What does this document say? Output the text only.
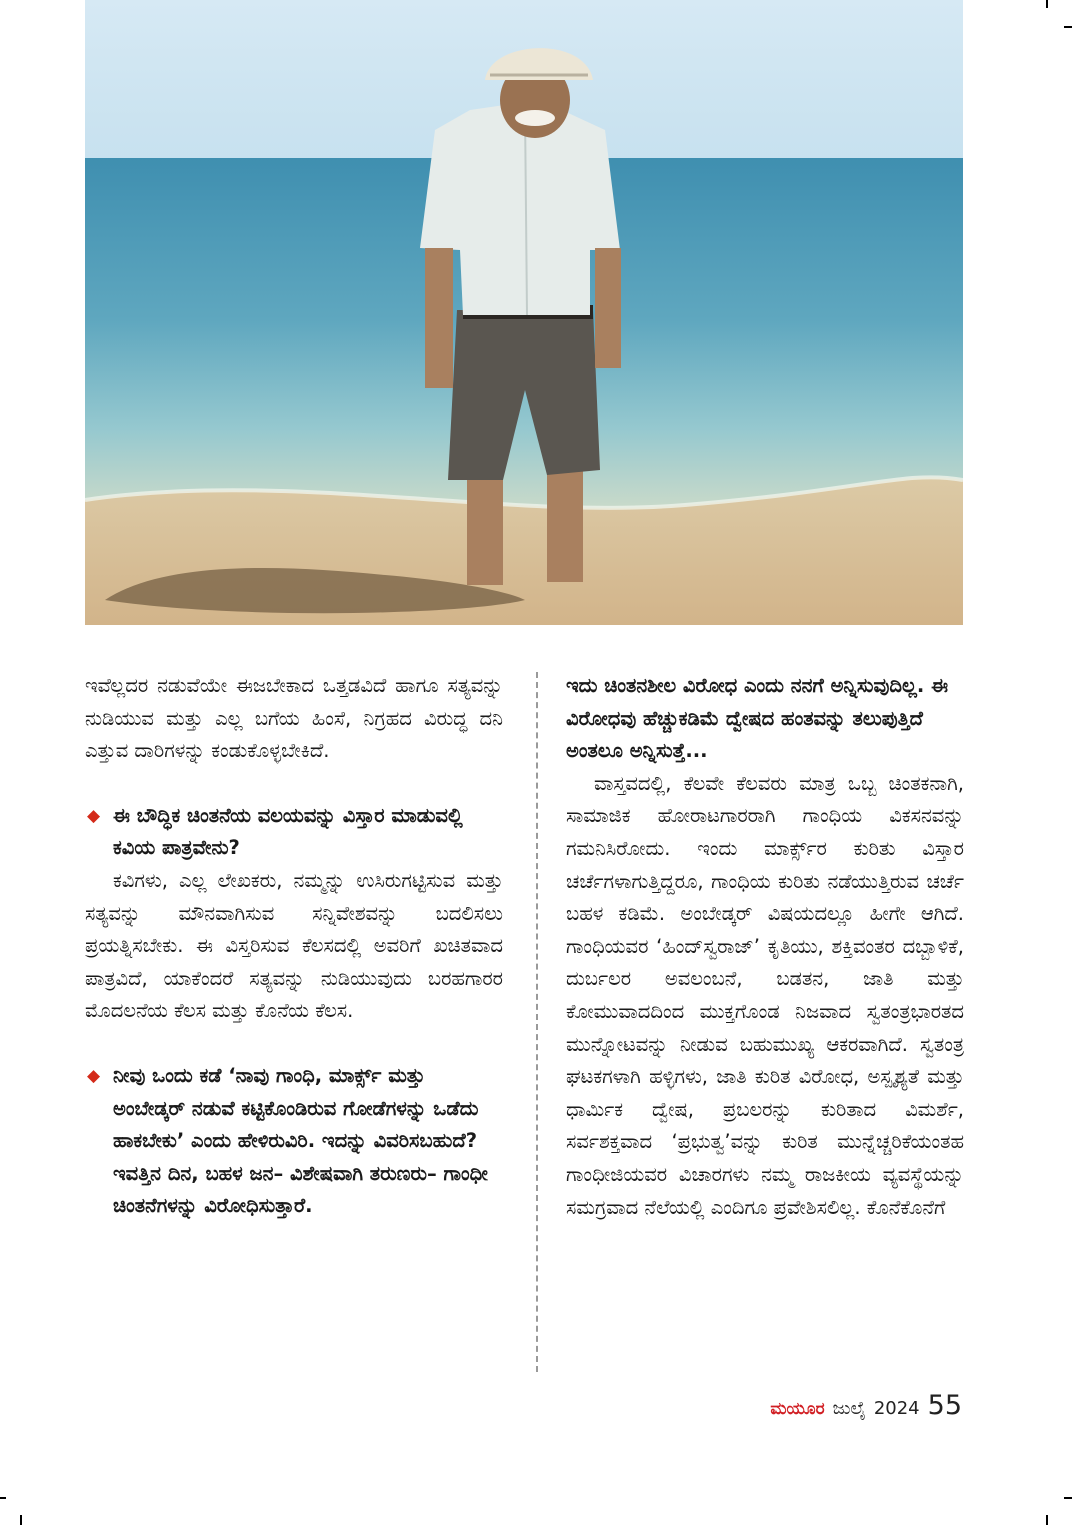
ಇವೆಲ್ಲದರ ನಡುವೆಯೇ ಈಜಬೇಕಾದ ಒತ್ತಡವಿದೆ ಹಾಗೂ ಸತ್ಯವನ್ನು ನುಡಿಯುವ ಮತ್ತು ಎಲ್ಲ ಬಗೆಯ ಹಿಂಸೆ, ನಿಗ್ರಹದ ವಿರುದ್ಧ ದನಿ ಎತ್ತುವ ದಾರಿಗಳನ್ನು ಕಂಡುಕೊಳ್ಳಬೇಕಿದೆ.

◆ ಈ ಬೌದ್ಧಿಕ ಚಿಂತನೆಯ ವಲಯವನ್ನು ವಿಸ್ತಾರ ಮಾಡುವಲ್ಲಿ ಕವಿಯ ಪಾತ್ರವೇನು?

ಕವಿಗಳು, ಎಲ್ಲ ಲೇಖಕರು, ನಮ್ಮನ್ನು ಉಸಿರುಗಟ್ಟಿಸುವ ಮತ್ತು ಸತ್ಯವನ್ನು ಮೌನವಾಗಿಸುವ ಸನ್ನಿವೇಶವನ್ನು ಬದಲಿಸಲು ಪ್ರಯತ್ನಿಸಬೇಕು. ಈ ವಿಸ್ತರಿಸುವ ಕೆಲಸದಲ್ಲಿ ಅವರಿಗೆ ಖಚಿತವಾದ ಪಾತ್ರವಿದೆ, ಯಾಕೆಂದರೆ ಸತ್ಯವನ್ನು ನುಡಿಯುವುದು ಬರಹಗಾರರ ಮೊದಲನೆಯ ಕೆಲಸ ಮತ್ತು ಕೊನೆಯ ಕೆಲಸ.

◆ ನೀವು ಒಂದು ಕಡೆ ‘ನಾವು ಗಾಂಧಿ, ಮಾರ್ಕ್ಸ್ ಮತ್ತು ಅಂಬೇಡ್ಕರ್ ನಡುವೆ ಕಟ್ಟಿಕೊಂಡಿರುವ ಗೋಡೆಗಳನ್ನು ಒಡೆದು ಹಾಕಬೇಕು’ ಎಂದು ಹೇಳಿರುವಿರಿ. ಇದನ್ನು ವಿವರಿಸಬಹುದೆ? ಇವತ್ತಿನ ದಿನ, ಬಹಳ ಜನ– ವಿಶೇಷವಾಗಿ ತರುಣರು– ಗಾಂಧೀ ಚಿಂತನೆಗಳನ್ನು ವಿರೋಧಿಸುತ್ತಾರೆ.

ಇದು ಚಿಂತನಶೀಲ ವಿರೋಧ ಎಂದು ನನಗೆ ಅನ್ನಿಸುವುದಿಲ್ಲ. ಈ ವಿರೋಧವು ಹೆಚ್ಚುಕಡಿಮೆ ದ್ವೇಷದ ಹಂತವನ್ನು ತಲುಪುತ್ತಿದೆ ಅಂತಲೂ ಅನ್ನಿಸುತ್ತೆ...

ವಾಸ್ತವದಲ್ಲಿ, ಕೆಲವೇ ಕೆಲವರು ಮಾತ್ರ ಒಬ್ಬ ಚಿಂತಕನಾಗಿ, ಸಾಮಾಜಿಕ ಹೋರಾಟಗಾರರಾಗಿ ಗಾಂಧಿಯ ವಿಕಸನವನ್ನು ಗಮನಿಸಿರೋದು. ಇಂದು ಮಾರ್ಕ್ಸ್‌ರ ಕುರಿತು ವಿಸ್ತಾರ ಚರ್ಚೆಗಳಾಗುತ್ತಿದ್ದರೂ, ಗಾಂಧಿಯ ಕುರಿತು ನಡೆಯುತ್ತಿರುವ ಚರ್ಚೆ ಬಹಳ ಕಡಿಮೆ. ಅಂಬೇಡ್ಕರ್ ವಿಷಯದಲ್ಲೂ ಹೀಗೇ ಆಗಿದೆ. ಗಾಂಧಿಯವರ ‘ಹಿಂದ್‌ಸ್ವರಾಜ್’ ಕೃತಿಯು, ಶಕ್ತಿವಂತರ ದಬ್ಬಾಳಿಕೆ, ದುರ್ಬಲರ ಅವಲಂಬನೆ, ಬಡತನ, ಜಾತಿ ಮತ್ತು ಕೋಮುವಾದದಿಂದ ಮುಕ್ತಗೊಂಡ ನಿಜವಾದ ಸ್ವತಂತ್ರಭಾರತದ ಮುನ್ನೋಟವನ್ನು ನೀಡುವ ಬಹುಮುಖ್ಯ ಆಕರವಾಗಿದೆ. ಸ್ವತಂತ್ರ ಘಟಕಗಳಾಗಿ ಹಳ್ಳಿಗಳು, ಜಾತಿ ಕುರಿತ ವಿರೋಧ, ಅಸ್ಪೃಶ್ಯತೆ ಮತ್ತು ಧಾರ್ಮಿಕ ದ್ವೇಷ, ಪ್ರಬಲರನ್ನು ಕುರಿತಾದ ವಿಮರ್ಶೆ, ಸರ್ವಶಕ್ತವಾದ ‘ಪ್ರಭುತ್ವ’ವನ್ನು ಕುರಿತ ಮುನ್ನೆಚ್ಚರಿಕೆಯಂತಹ ಗಾಂಧೀಜಿಯವರ ವಿಚಾರಗಳು ನಮ್ಮ ರಾಜಕೀಯ ವ್ಯವಸ್ಥೆಯನ್ನು ಸಮಗ್ರವಾದ ನೆಲೆಯಲ್ಲಿ ಎಂದಿಗೂ ಪ್ರವೇಶಿಸಲಿಲ್ಲ. ಕೊನೆಕೊನೆಗೆ

ಮಯೂರ ಜುಲೈ 2024 55
